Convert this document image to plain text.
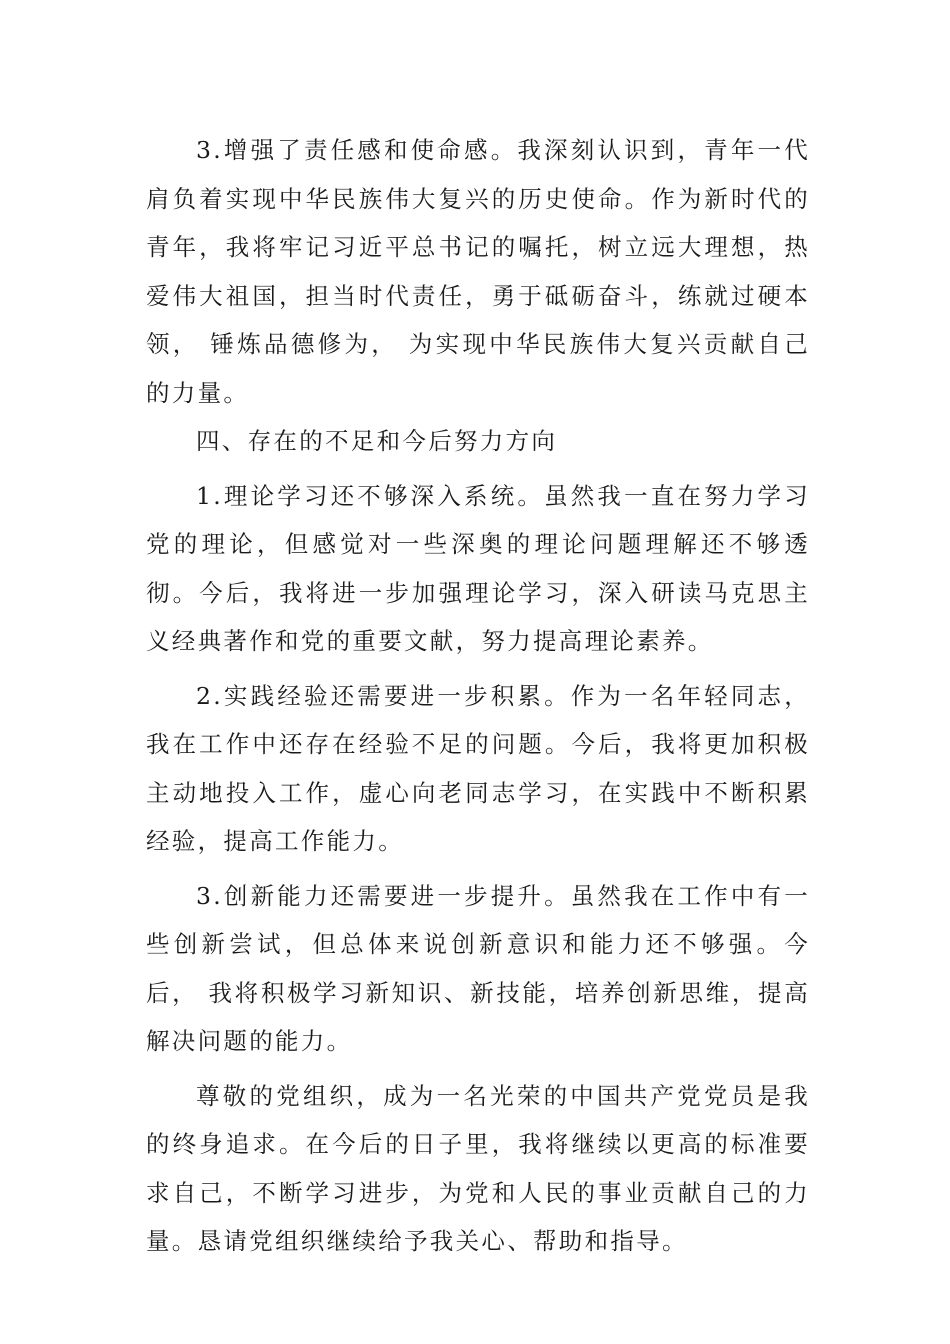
3.增强了责任感和使命感。我深刻认识到，青年一代肩负着实现中华民族伟大复兴的历史使命。作为新时代的青年，我将牢记习近平总书记的嘱托，树立远大理想，热爱伟大祖国，担当时代责任，勇于砥砺奋斗，练就过硬本领， 锤炼品德修为， 为实现中华民族伟大复兴贡献自己的力量。

四、存在的不足和今后努力方向

1.理论学习还不够深入系统。虽然我一直在努力学习党的理论，但感觉对一些深奥的理论问题理解还不够透彻。今后，我将进一步加强理论学习，深入研读马克思主义经典著作和党的重要文献，努力提高理论素养。

2.实践经验还需要进一步积累。作为一名年轻同志，我在工作中还存在经验不足的问题。今后，我将更加积极主动地投入工作，虚心向老同志学习，在实践中不断积累经验，提高工作能力。

3.创新能力还需要进一步提升。虽然我在工作中有一些创新尝试，但总体来说创新意识和能力还不够强。今后， 我将积极学习新知识、新技能，培养创新思维，提高解决问题的能力。

尊敬的党组织，成为一名光荣的中国共产党党员是我的终身追求。在今后的日子里，我将继续以更高的标准要求自己，不断学习进步，为党和人民的事业贡献自己的力量。恳请党组织继续给予我关心、帮助和指导。
